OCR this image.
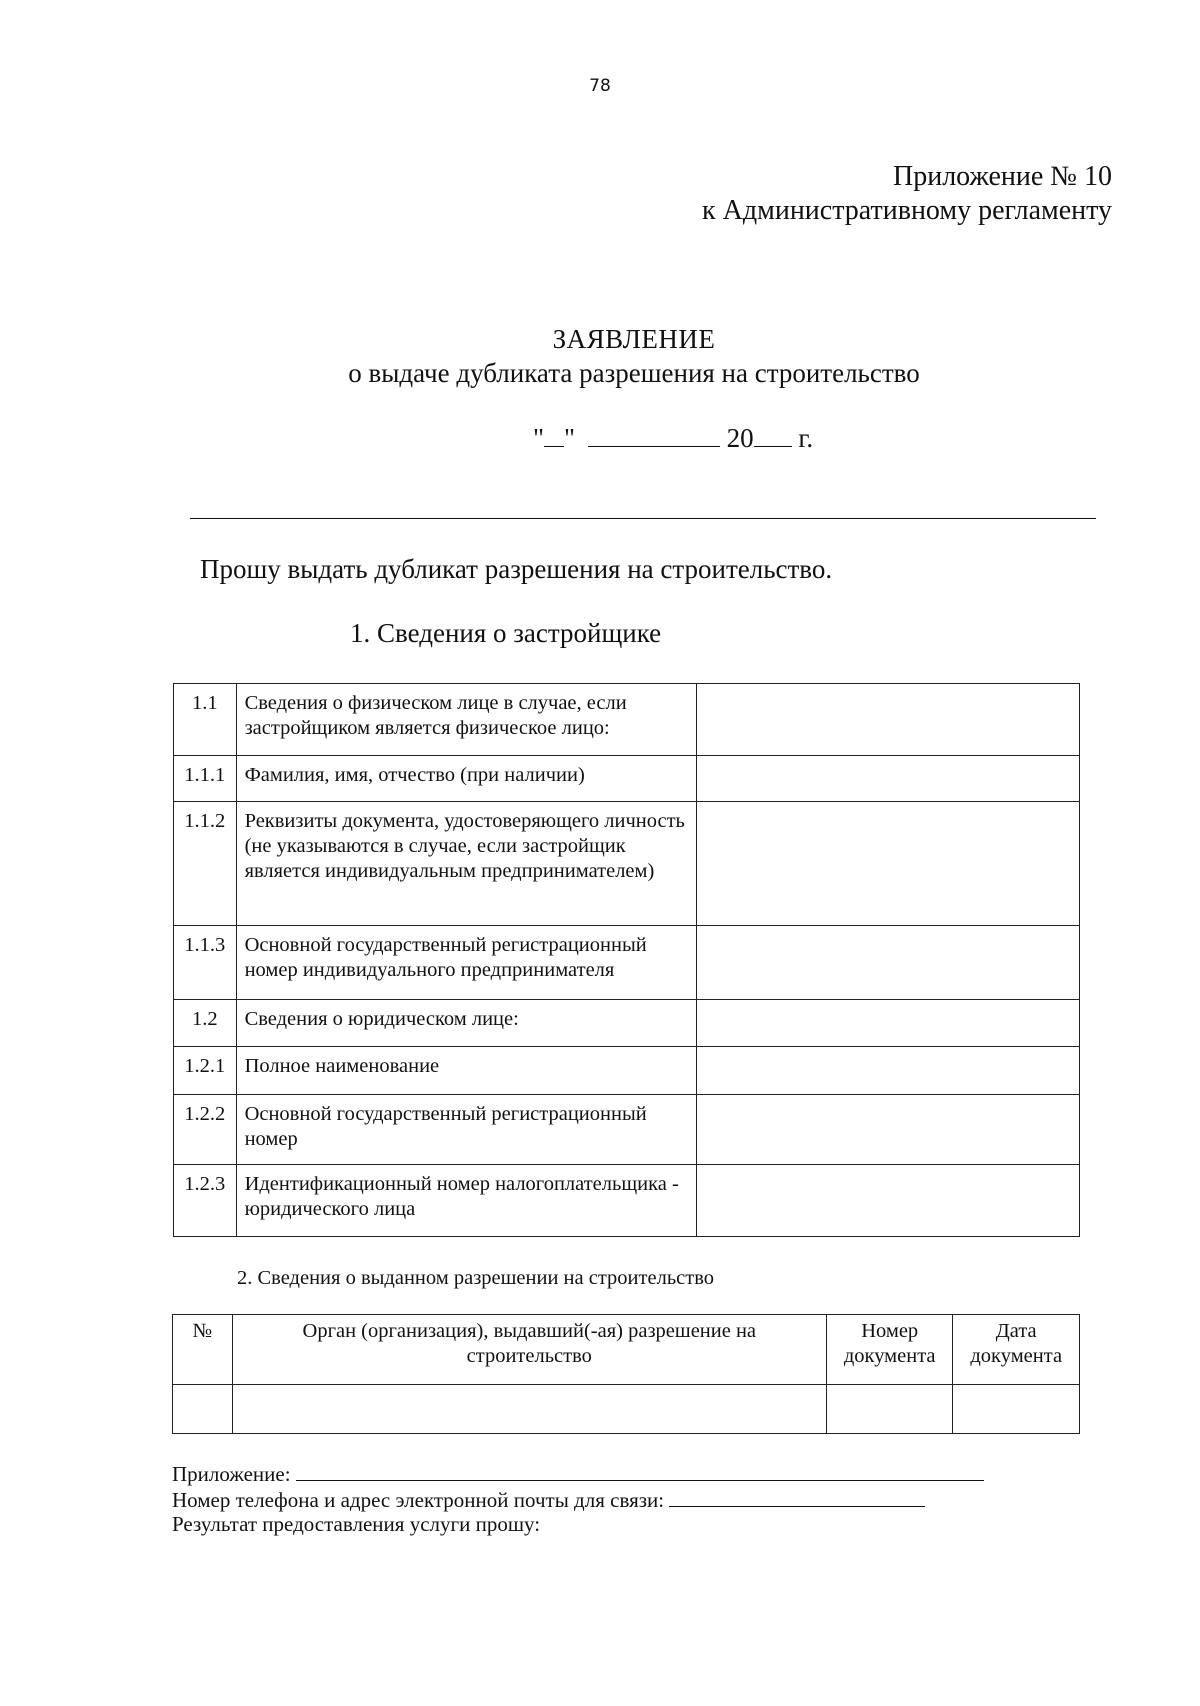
78
Приложение № 10
к Административному регламенту
ЗАЯВЛЕНИЕ
о выдаче дубликата разрешения на строительство
" "	20 г.
Прошу выдать дубликат разрешения на строительство.
1. Сведения о застройщике
1.1	Сведения о физическом лице в случае, если застройщиком является физическое лицо:	
1.1.1	Фамилия, имя, отчество (при наличии)	
1.1.2	Реквизиты документа, удостоверяющего личность (не указываются в случае, если застройщик является индивидуальным предпринимателем)	
1.1.3	Основной государственный регистрационный номер индивидуального предпринимателя	
1.2	Сведения о юридическом лице:	
1.2.1	Полное наименование	
1.2.2	Основной государственный регистрационный номер	
1.2.3	Идентификационный номер налогоплательщика - юридического лица	
2. Сведения о выданном разрешении на строительство
№	Орган (организация), выдавший(-ая) разрешение на строительство	Номер документа	Дата документа

Приложение:
Номер телефона и адрес электронной почты для связи:
Результат предоставления услуги прошу:
